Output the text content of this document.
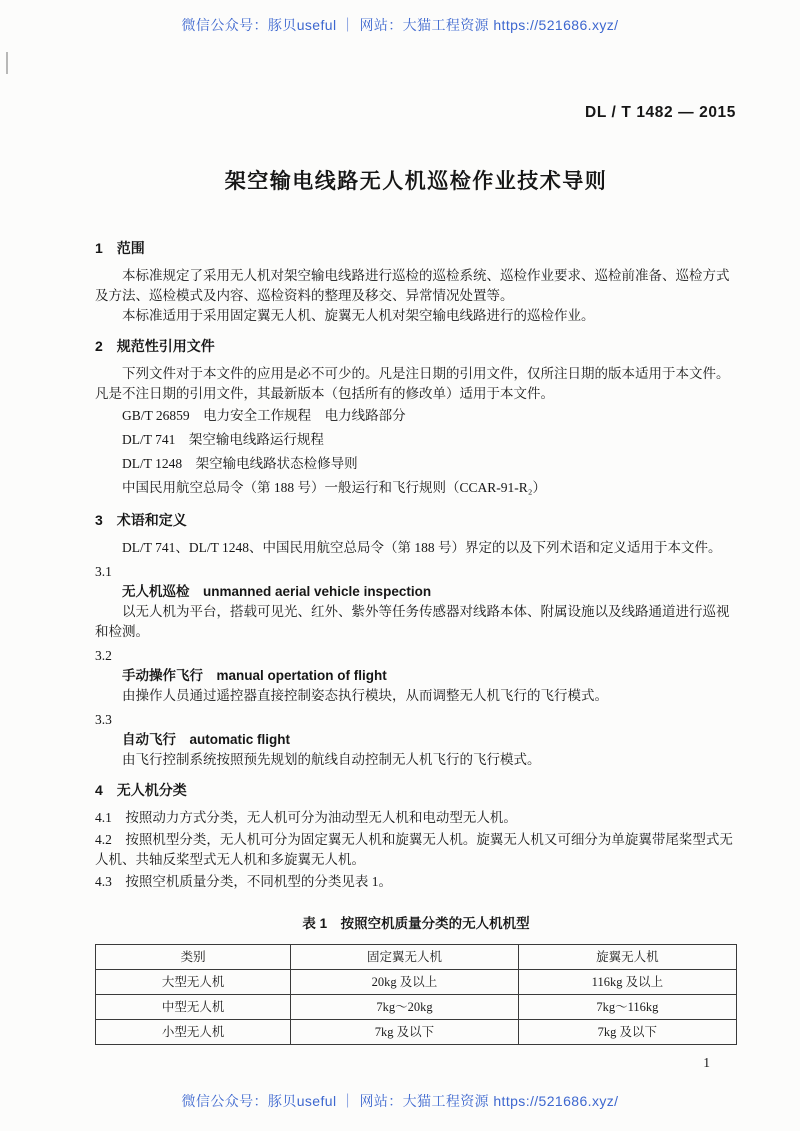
微信公众号：豚贝useful ｜ 网站：大猫工程资源 https://521686.xyz/
DL / T 1482 — 2015
架空输电线路无人机巡检作业技术导则
1　范围

本标准规定了采用无人机对架空输电线路进行巡检的巡检系统、巡检作业要求、巡检前准备、巡检方式及方法、巡检模式及内容、巡检资料的整理及移交、异常情况处置等。

本标准适用于采用固定翼无人机、旋翼无人机对架空输电线路进行的巡检作业。

2　规范性引用文件

下列文件对于本文件的应用是必不可少的。凡是注日期的引用文件，仅所注日期的版本适用于本文件。凡是不注日期的引用文件，其最新版本（包括所有的修改单）适用于本文件。

GB/T 26859　电力安全工作规程　电力线路部分

DL/T 741　架空输电线路运行规程

DL/T 1248　架空输电线路状态检修导则

中国民用航空总局令（第 188 号）一般运行和飞行规则（CCAR-91-R₂）

3　术语和定义

DL/T 741、DL/T 1248、中国民用航空总局令（第 188 号）界定的以及下列术语和定义适用于本文件。

3.1

无人机巡检　unmanned aerial vehicle inspection

以无人机为平台，搭载可见光、红外、紫外等任务传感器对线路本体、附属设施以及线路通道进行巡视和检测。

3.2

手动操作飞行　manual opertation of flight

由操作人员通过遥控器直接控制姿态执行模块，从而调整无人机飞行的飞行模式。

3.3

自动飞行　automatic flight

由飞行控制系统按照预先规划的航线自动控制无人机飞行的飞行模式。

4　无人机分类

4.1　按照动力方式分类，无人机可分为油动型无人机和电动型无人机。

4.2　按照机型分类，无人机可分为固定翼无人机和旋翼无人机。旋翼无人机又可细分为单旋翼带尾桨型式无人机、共轴反桨型式无人机和多旋翼无人机。

4.3　按照空机质量分类，不同机型的分类见表 1。

表 1　按照空机质量分类的无人机机型

类别	固定翼无人机	旋翼无人机
大型无人机	20kg 及以上	116kg 及以上
中型无人机	7kg～20kg	7kg～116kg
小型无人机	7kg 及以下	7kg 及以下
1
微信公众号：豚贝useful ｜ 网站：大猫工程资源 https://521686.xyz/
